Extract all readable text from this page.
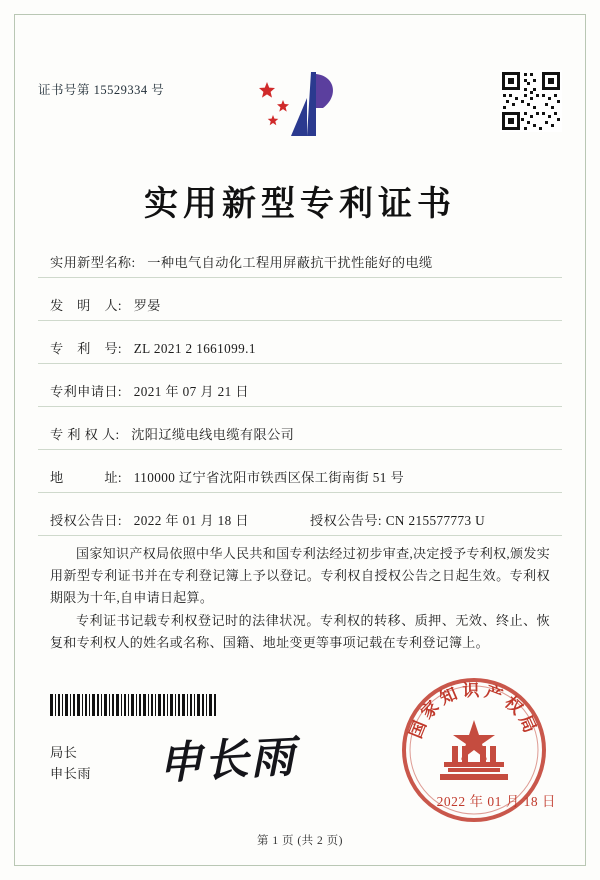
证书号第 15529334 号
实用新型专利证书
实用新型名称: 一种电气自动化工程用屏蔽抗干扰性能好的电缆
发　明　人: 罗晏
专　利　号: ZL 2021 2 1661099.1
专利申请日: 2021 年 07 月 21 日
专 利 权 人: 沈阳辽缆电线电缆有限公司
地　　　址: 110000 辽宁省沈阳市铁西区保工街南街 51 号
授权公告日: 2022 年 01 月 18 日	授权公告号: CN 215577773 U
国家知识产权局依照中华人民共和国专利法经过初步审查,决定授予专利权,颁发实用新型专利证书并在专利登记簿上予以登记。专利权自授权公告之日起生效。专利权期限为十年,自申请日起算。
专利证书记载专利权登记时的法律状况。专利权的转移、质押、无效、终止、恢复和专利权人的姓名或名称、国籍、地址变更等事项记载在专利登记簿上。
局长
申长雨 申长雨
国家知识产权局
2022 年 01 月 18 日
第 1 页 (共 2 页)
